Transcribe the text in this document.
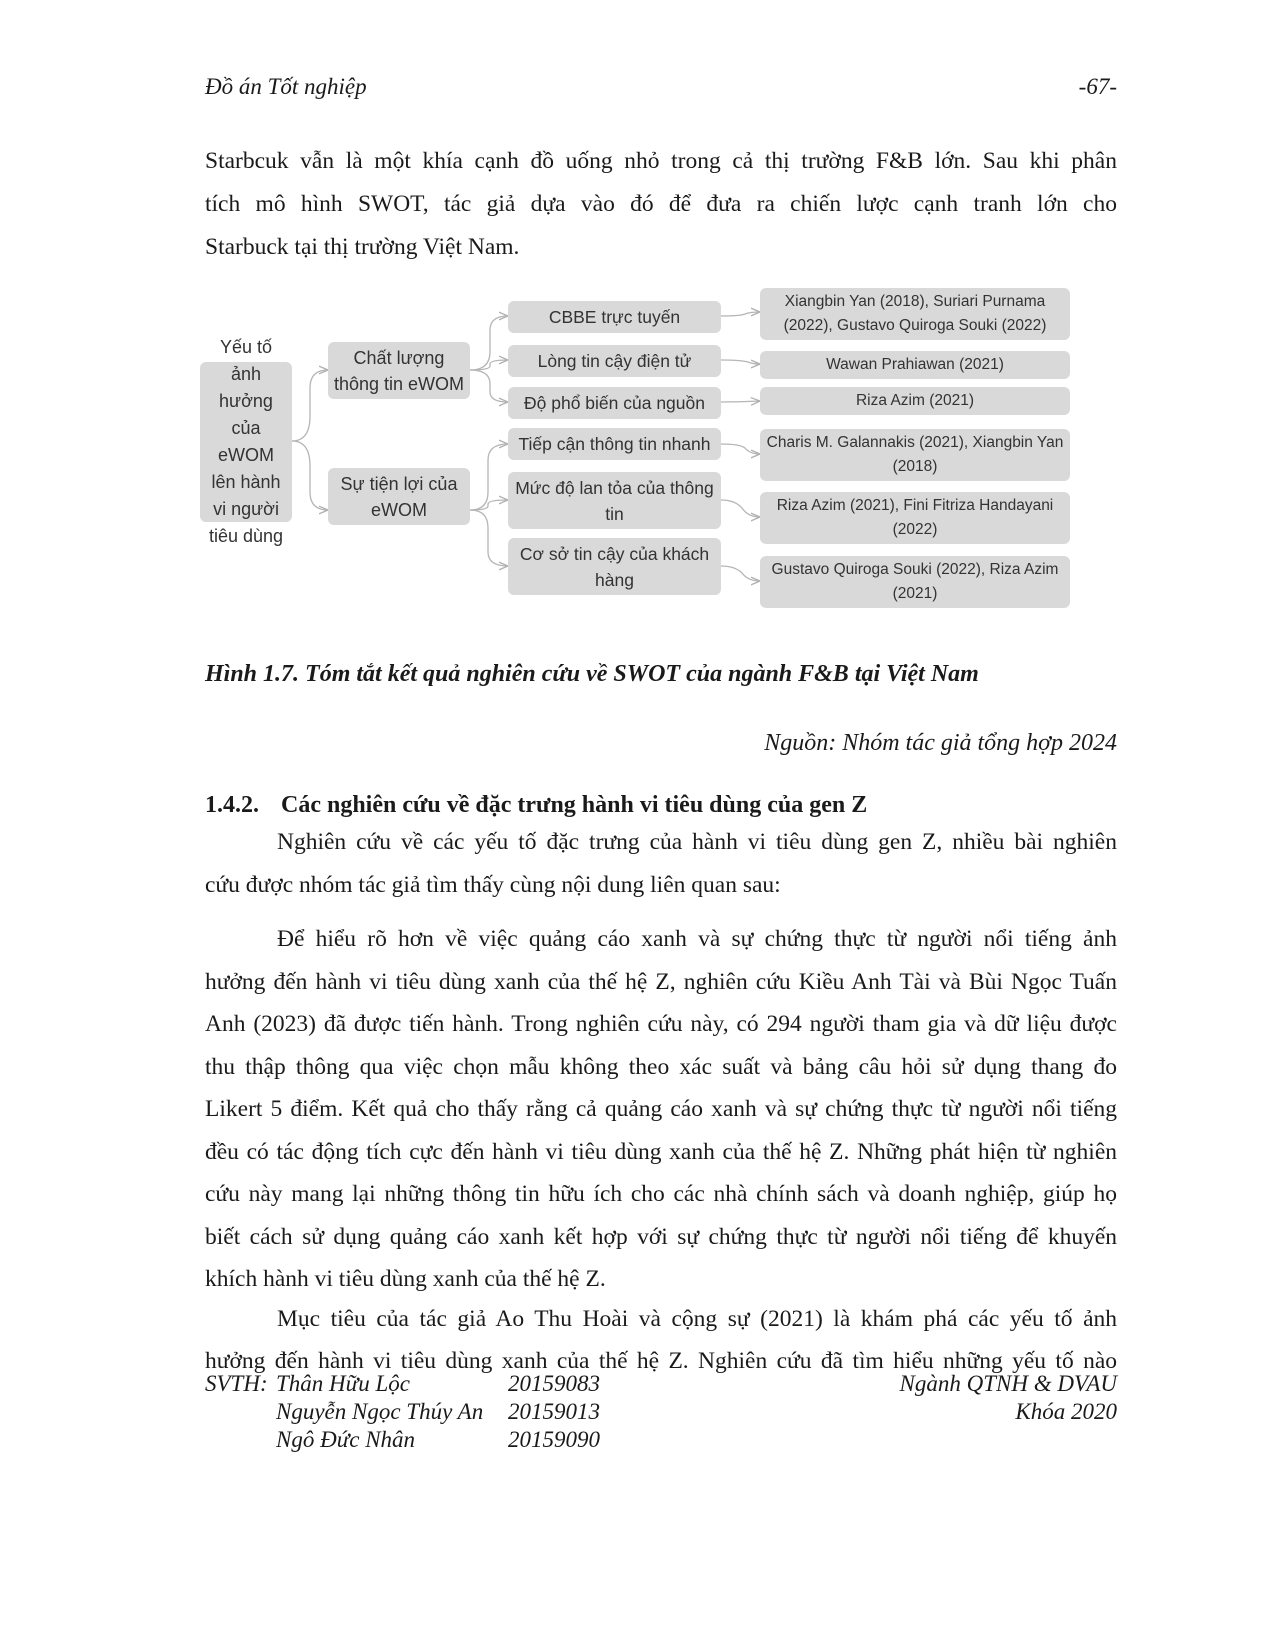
Đồ án Tốt nghiệp	-67-
Starbcuk vẫn là một khía cạnh đồ uống nhỏ trong cả thị trường F&B lớn. Sau khi phân
tích mô hình SWOT, tác giả dựa vào đó để đưa ra chiến lược cạnh tranh lớn cho
Starbuck tại thị trường Việt Nam.
Yếu tố ảnh hưởng của eWOM lên hành vi người tiêu dùng
Chất lượng thông tin eWOM
Sự tiện lợi của eWOM
CBBE trực tuyến
Lòng tin cậy điện tử
Độ phổ biến của nguồn
Tiếp cận thông tin nhanh
Mức độ lan tỏa của thông tin
Cơ sở tin cậy của khách hàng
Xiangbin Yan (2018), Suriari Purnama (2022), Gustavo Quiroga Souki (2022)
Wawan Prahiawan (2021)
Riza Azim (2021)
Charis M. Galannakis (2021), Xiangbin Yan (2018)
Riza Azim (2021), Fini Fitriza Handayani (2022)
Gustavo Quiroga Souki (2022), Riza Azim (2021)
Hình 1.7. Tóm tắt kết quả nghiên cứu về SWOT của ngành F&B tại Việt Nam
Nguồn: Nhóm tác giả tổng hợp 2024
1.4.2. Các nghiên cứu về đặc trưng hành vi tiêu dùng của gen Z
Nghiên cứu về các yếu tố đặc trưng của hành vi tiêu dùng gen Z, nhiều bài nghiên
cứu được nhóm tác giả tìm thấy cùng nội dung liên quan sau:
Để hiểu rõ hơn về việc quảng cáo xanh và sự chứng thực từ người nổi tiếng ảnh
hưởng đến hành vi tiêu dùng xanh của thế hệ Z, nghiên cứu Kiều Anh Tài và Bùi Ngọc Tuấn
Anh (2023) đã được tiến hành. Trong nghiên cứu này, có 294 người tham gia và dữ liệu được
thu thập thông qua việc chọn mẫu không theo xác suất và bảng câu hỏi sử dụng thang đo
Likert 5 điểm. Kết quả cho thấy rằng cả quảng cáo xanh và sự chứng thực từ người nổi tiếng
đều có tác động tích cực đến hành vi tiêu dùng xanh của thế hệ Z. Những phát hiện từ nghiên
cứu này mang lại những thông tin hữu ích cho các nhà chính sách và doanh nghiệp, giúp họ
biết cách sử dụng quảng cáo xanh kết hợp với sự chứng thực từ người nổi tiếng để khuyến
khích hành vi tiêu dùng xanh của thế hệ Z.
Mục tiêu của tác giả Ao Thu Hoài và cộng sự (2021) là khám phá các yếu tố ảnh
hưởng đến hành vi tiêu dùng xanh của thế hệ Z. Nghiên cứu đã tìm hiểu những yếu tố nào
SVTH: Thân Hữu Lộc
Nguyễn Ngọc Thúy An
Ngô Đức Nhân
20159083
20159013
20159090
Ngành QTNH & DVAU
Khóa 2020
